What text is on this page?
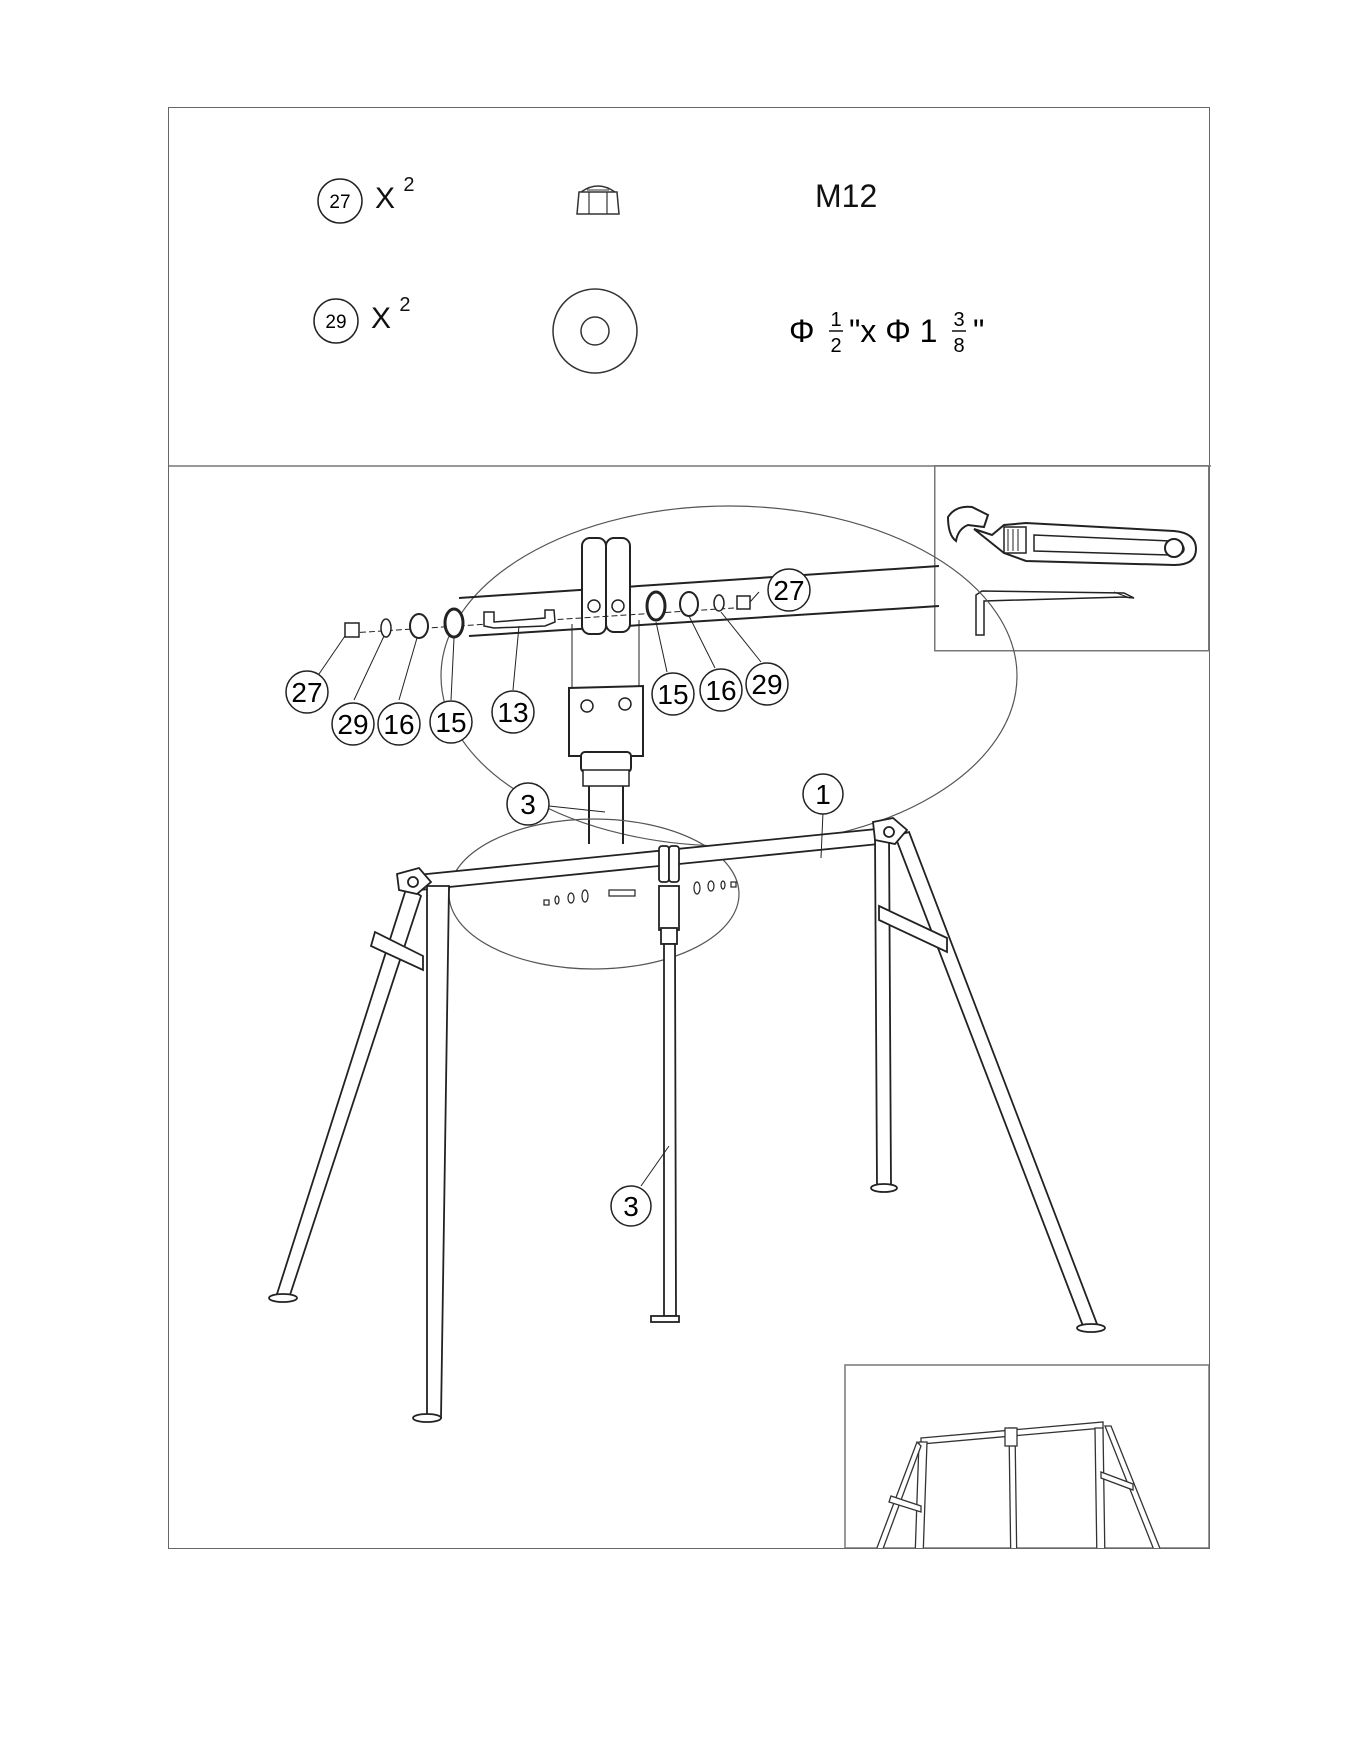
27 X $^2$	M12
29 X $^2$
Φ 1
2 "x Φ 1 3
8 "
27
29 16 15 13
15 16 29
27
3	1
3
